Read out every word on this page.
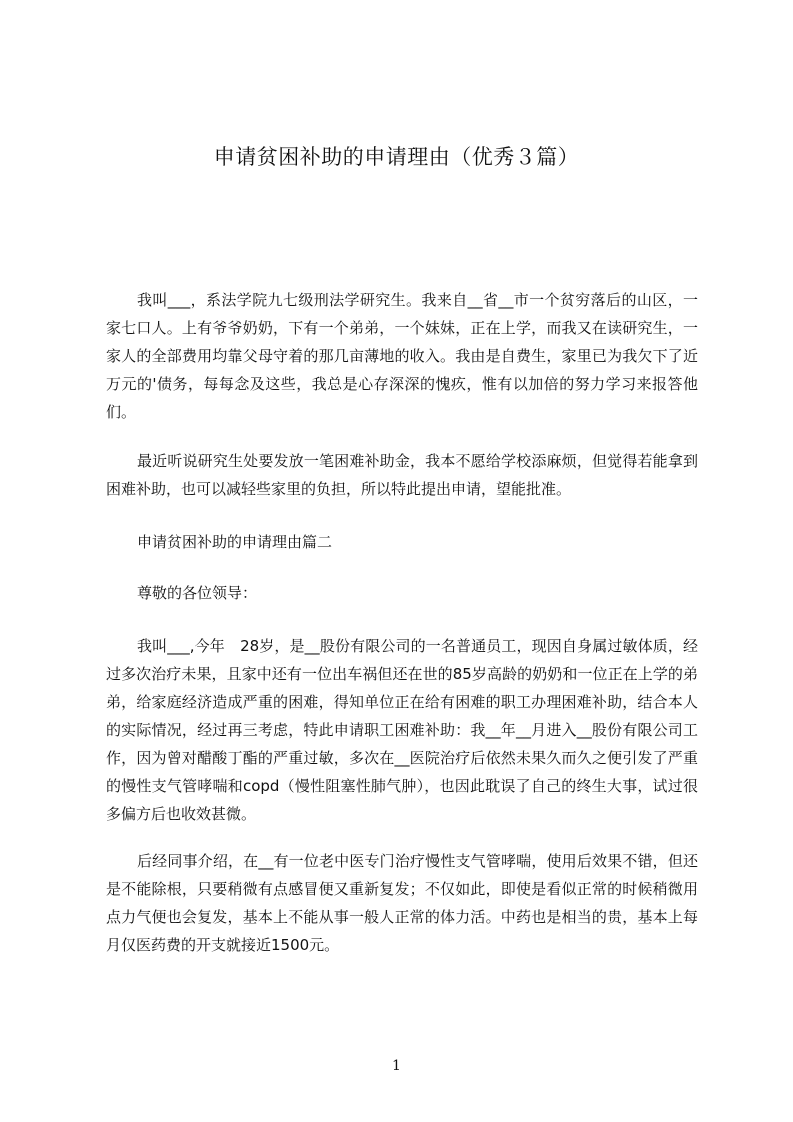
申请贫困补助的申请理由（优秀３篇）

我叫___，系法学院九七级刑法学研究生。我来自__省__市一个贫穷落后的山区，一家七口人。上有爷爷奶奶，下有一个弟弟，一个妹妹，正在上学，而我又在读研究生，一家人的全部费用均靠父母守着的那几亩薄地的收入。我由是自费生，家里已为我欠下了近万元的'债务，每每念及这些，我总是心存深深的愧疚，惟有以加倍的努力学习来报答他们。

最近听说研究生处要发放一笔困难补助金，我本不愿给学校添麻烦，但觉得若能拿到困难补助，也可以减轻些家里的负担，所以特此提出申请，望能批准。

申请贫困补助的申请理由篇二

尊敬的各位领导：

我叫___,今年　28岁，是__股份有限公司的一名普通员工，现因自身属过敏体质，经过多次治疗未果，且家中还有一位出车祸但还在世的85岁高龄的奶奶和一位正在上学的弟弟，给家庭经济造成严重的困难，得知单位正在给有困难的职工办理困难补助，结合本人的实际情况，经过再三考虑，特此申请职工困难补助：我__年__月进入__股份有限公司工作，因为曾对醋酸丁酯的严重过敏，多次在__医院治疗后依然未果久而久之便引发了严重的慢性支气管哮喘和copd（慢性阻塞性肺气肿），也因此耽误了自己的终生大事，试过很多偏方后也收效甚微。

后经同事介绍，在__有一位老中医专门治疗慢性支气管哮喘，使用后效果不错，但还是不能除根，只要稍微有点感冒便又重新复发；不仅如此，即使是看似正常的时候稍微用点力气便也会复发，基本上不能从事一般人正常的体力活。中药也是相当的贵，基本上每月仅医药费的开支就接近1500元。

1
